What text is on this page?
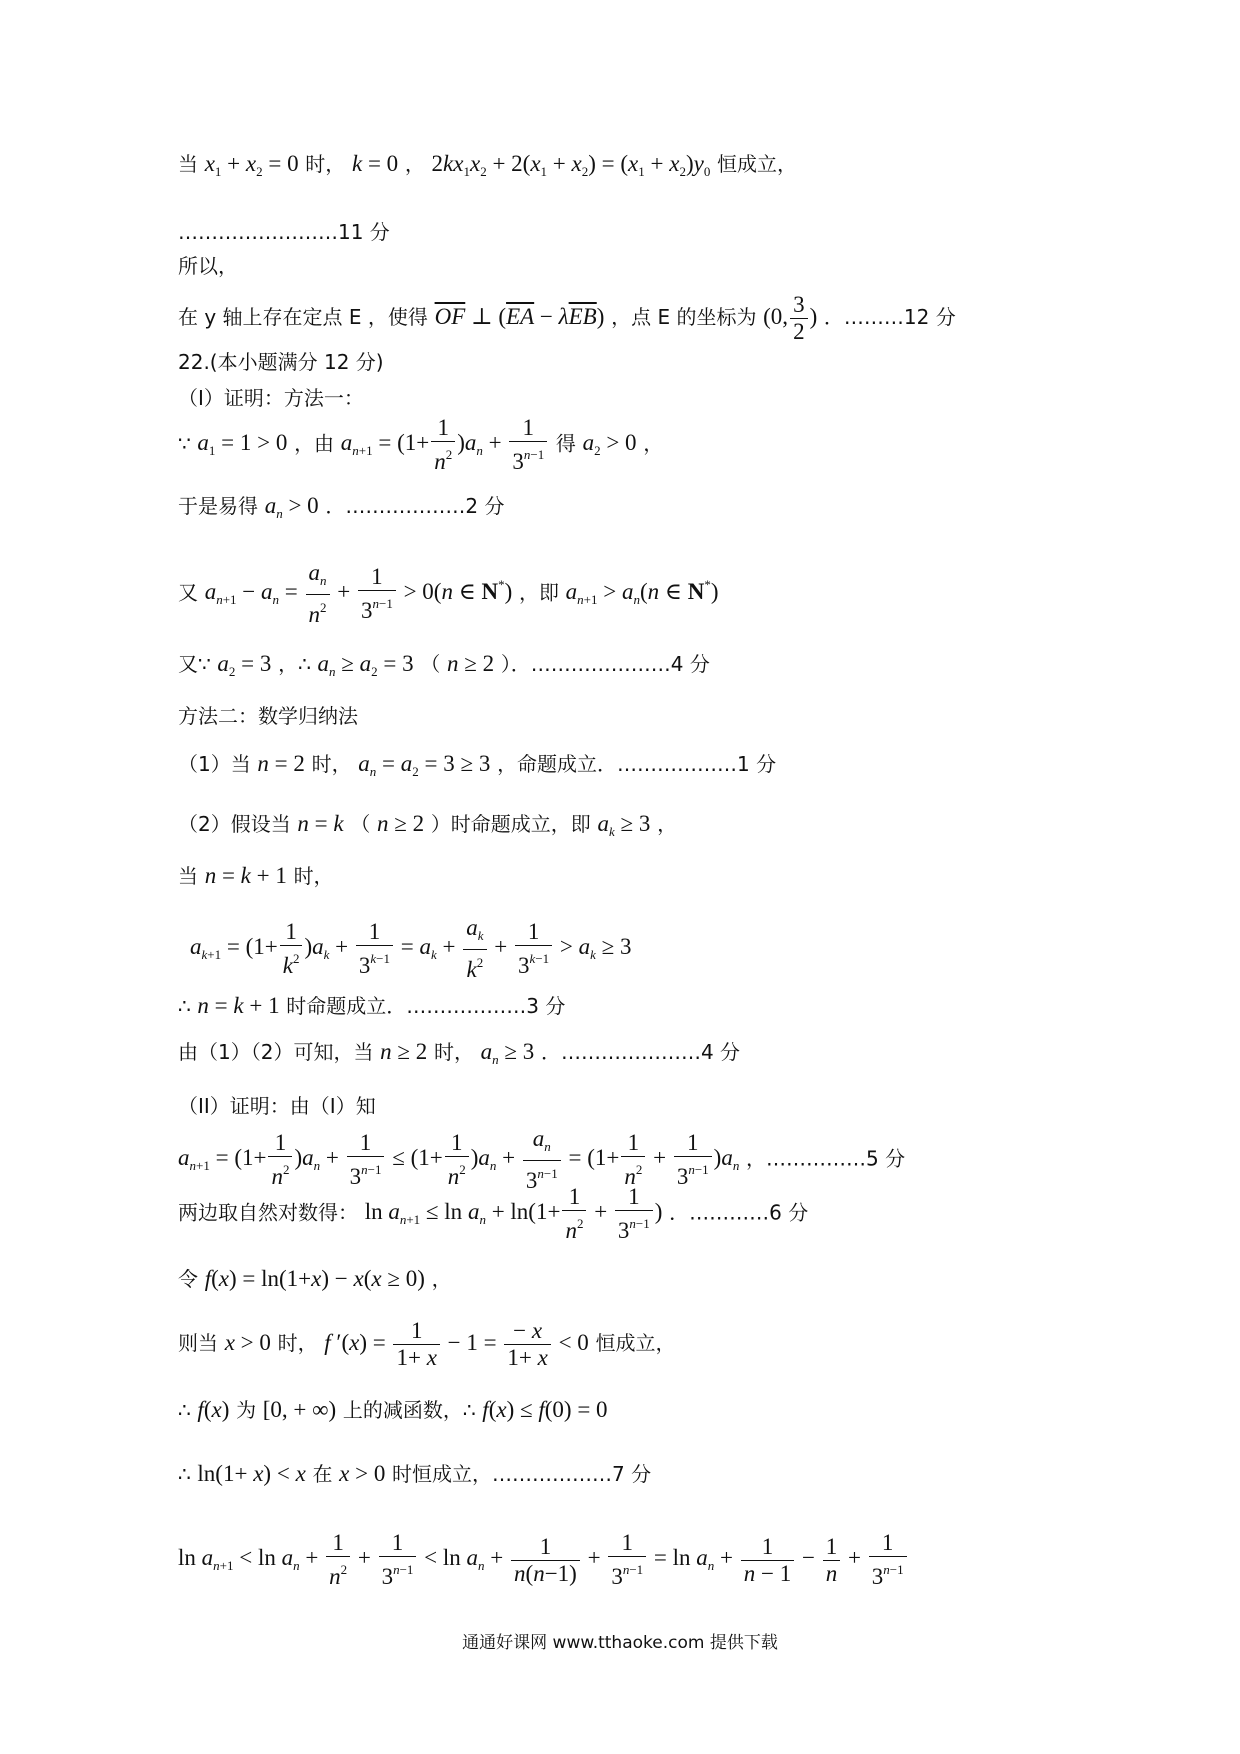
当 $x_1 + x_2 = 0$ 时， k = 0 ， $2kx_1x_2 + 2(x_1 + x_2) = (x_1 + x_2)y_0$ 恒成立，
……………………11 分
所以，
在 y 轴上存在定点 E ，使得 $\overline{OF}$ ⊥ $(\overline{EA} - \lambda\overline{EB})$ ，点 E 的坐标为 (0, $\frac{3}{2}$ ) ．………12 分
22.(本小题满分 12 分)
（I）证明：方法一：
∵ $a_1 = 1 > 0$ ，由 $a_{n+1} = (1+ \frac{1}{n^2} )a_n + \frac{1}{3^{n-1}}$ 得 $a_2 > 0$ ，
于是易得 $a_n > 0$ ．………………2 分
又 $a_{n+1} - a_n = \frac{a_n}{n^2} + \frac{1}{3^{n-1}} > 0(n$ ∈ N*) ，即 $a_{n+1} > a_n(n$ ∈ N*)
又∵ $a_2 = 3$ ，∴ $a_n \ge a_2 = 3$ （ n ≥ 2 ）．…………………4 分
方法二：数学归纳法
（1）当 n = 2 时， $a_n = a_2 = 3 \ge 3$ ，命题成立．………………1 分
（2）假设当 n = k （ n ≥ 2 ）时命题成立，即 $a_k \ge 3$ ，
当 n = k + 1 时，
$a_{k+1} = (1+ \frac{1}{k^2} )a_k + \frac{1}{3^{k-1}} = a_k + \frac{a_k}{k^2} + \frac{1}{3^{k-1}} > a_k \ge 3$
∴ n = k + 1 时命题成立．………………3 分
由（1）（2）可知，当 n ≥ 2 时， $a_n \ge 3$ ．…………………4 分
（II）证明：由（I）知
$a_{n+1} = (1+ \frac{1}{n^2} )a_n + \frac{1}{3^{n-1}} \le (1+ \frac{1}{n^2} )a_n + \frac{a_n}{3^{n-1}} = (1+ \frac{1}{n^2} + \frac{1}{3^{n-1}} )a_n$ ，……………5 分
两边取自然对数得： $\ln a_{n+1} \le \ln a_n + \ln(1+ \frac{1}{n^2} + \frac{1}{3^{n-1}}$ ) ．…………6 分
令 f(x) = ln(1+x) − x(x ≥ 0) ，
则当 x > 0 时， f $'(x) = \frac{1}{1+ x} - 1 = \frac{- x}{1+ x} < 0$ 恒成立，
∴ f(x) 为 [0, + ∞) 上的减函数，∴ f(x) ≤ f(0) = 0
∴ ln(1+ x) < x 在 x > 0 时恒成立，………………7 分
$\ln a_{n+1} < \ln a_n + \frac{1}{n^2} + \frac{1}{3^{n-1}} < \ln a_n + \frac{1}{n(n-1)} + \frac{1}{3^{n-1}} = \ln a_n + \frac{1}{n - 1} - \frac{1}{n} + \frac{1}{3^{n-1}}$
通通好课网 www.tthaoke.com 提供下载
